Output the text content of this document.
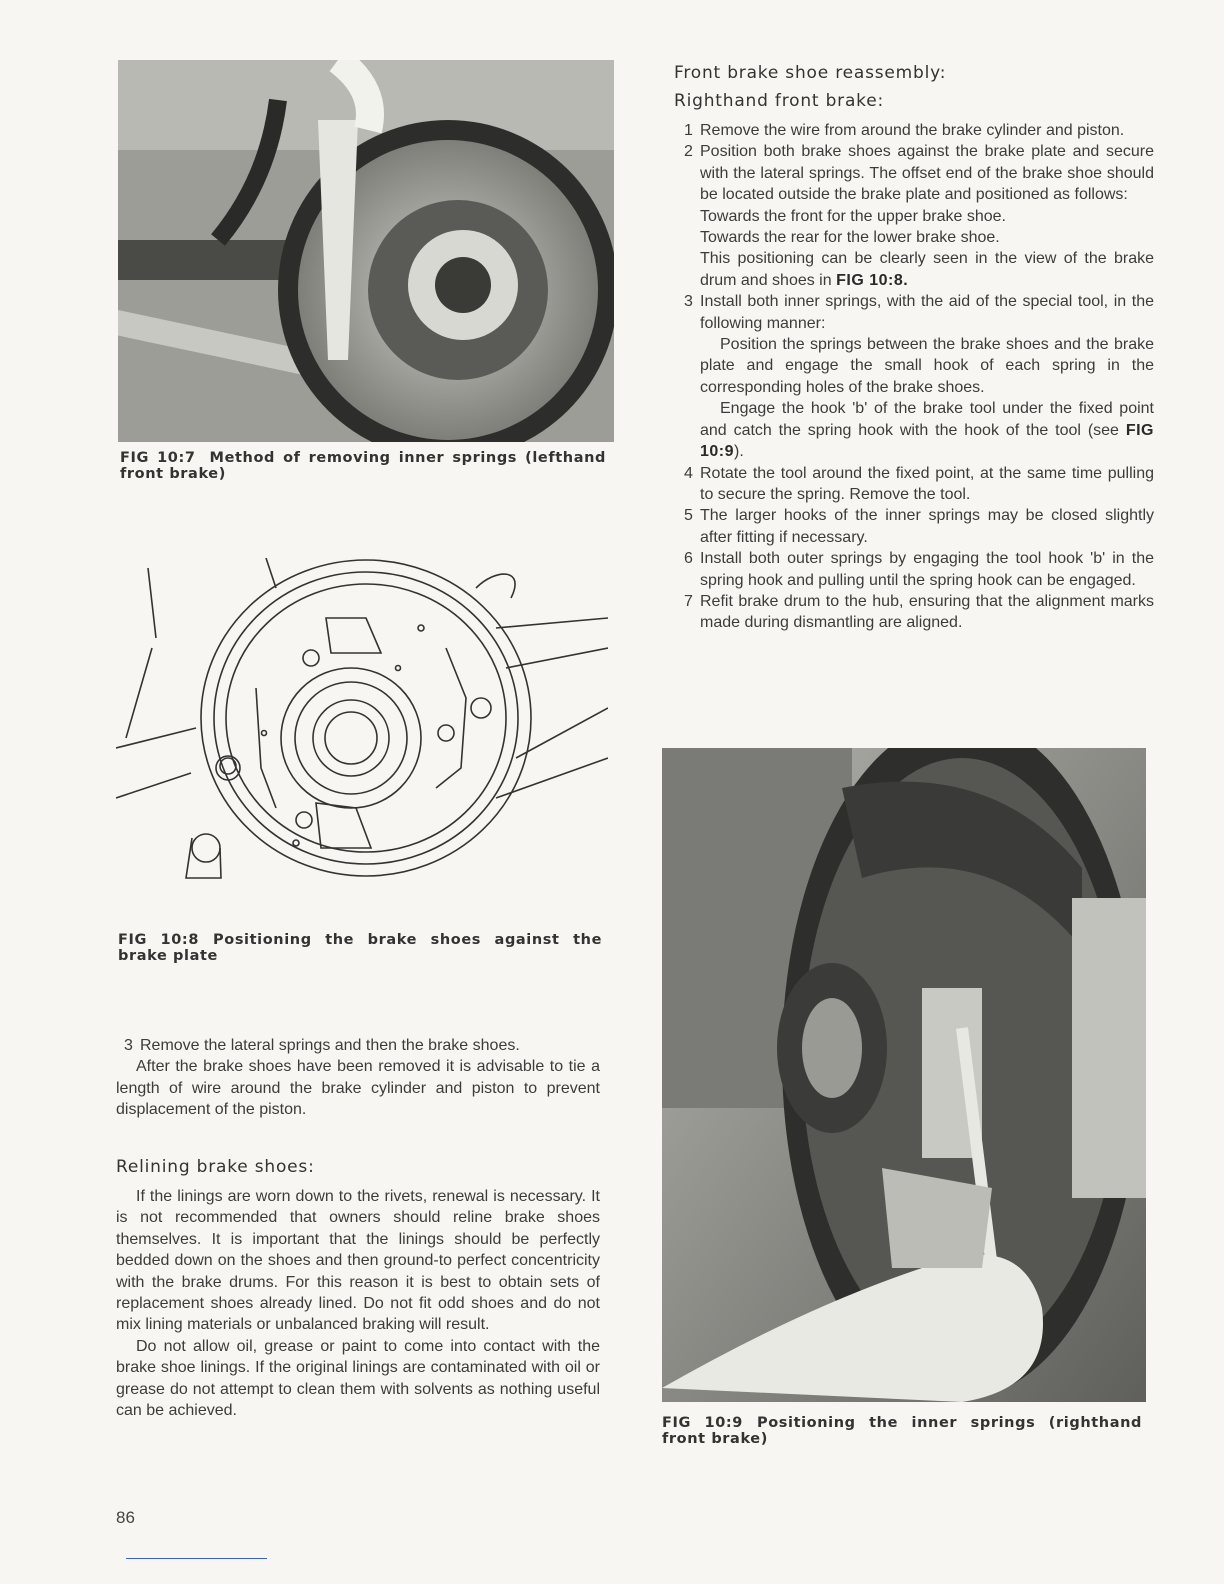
FIG 10:7 Method of removing inner springs (lefthand front brake)
FIG 10:8 Positioning the brake shoes against the brake plate
3 Remove the lateral springs and then the brake shoes.

After the brake shoes have been removed it is advisable to tie a length of wire around the brake cylinder and piston to prevent displacement of the piston.

Relining brake shoes:

If the linings are worn down to the rivets, renewal is necessary. It is not recommended that owners should reline brake shoes themselves. It is important that the linings should be perfectly bedded down on the shoes and then ground-to perfect concentricity with the brake drums. For this reason it is best to obtain sets of replacement shoes already lined. Do not fit odd shoes and do not mix lining materials or unbalanced braking will result.

Do not allow oil, grease or paint to come into contact with the brake shoe linings. If the original linings are contaminated with oil or grease do not attempt to clean them with solvents as nothing useful can be achieved.

Front brake shoe reassembly:
Righthand front brake:
1 Remove the wire from around the brake cylinder and piston.

2 Position both brake shoes against the brake plate and secure with the lateral springs. The offset end of the brake shoe should be located outside the brake plate and positioned as follows:

Towards the front for the upper brake shoe.

Towards the rear for the lower brake shoe.

This positioning can be clearly seen in the view of the brake drum and shoes in FIG 10:8.

3 Install both inner springs, with the aid of the special tool, in the following manner:

Position the springs between the brake shoes and the brake plate and engage the small hook of each spring in the corresponding holes of the brake shoes.

Engage the hook 'b' of the brake tool under the fixed point and catch the spring hook with the hook of the tool (see FIG 10:9).

4 Rotate the tool around the fixed point, at the same time pulling to secure the spring. Remove the tool.

5 The larger hooks of the inner springs may be closed slightly after fitting if necessary.

6 Install both outer springs by engaging the tool hook 'b' in the spring hook and pulling until the spring hook can be engaged.

7 Refit brake drum to the hub, ensuring that the alignment marks made during dismantling are aligned.

FIG 10:9 Positioning the inner springs (righthand front brake)
86
